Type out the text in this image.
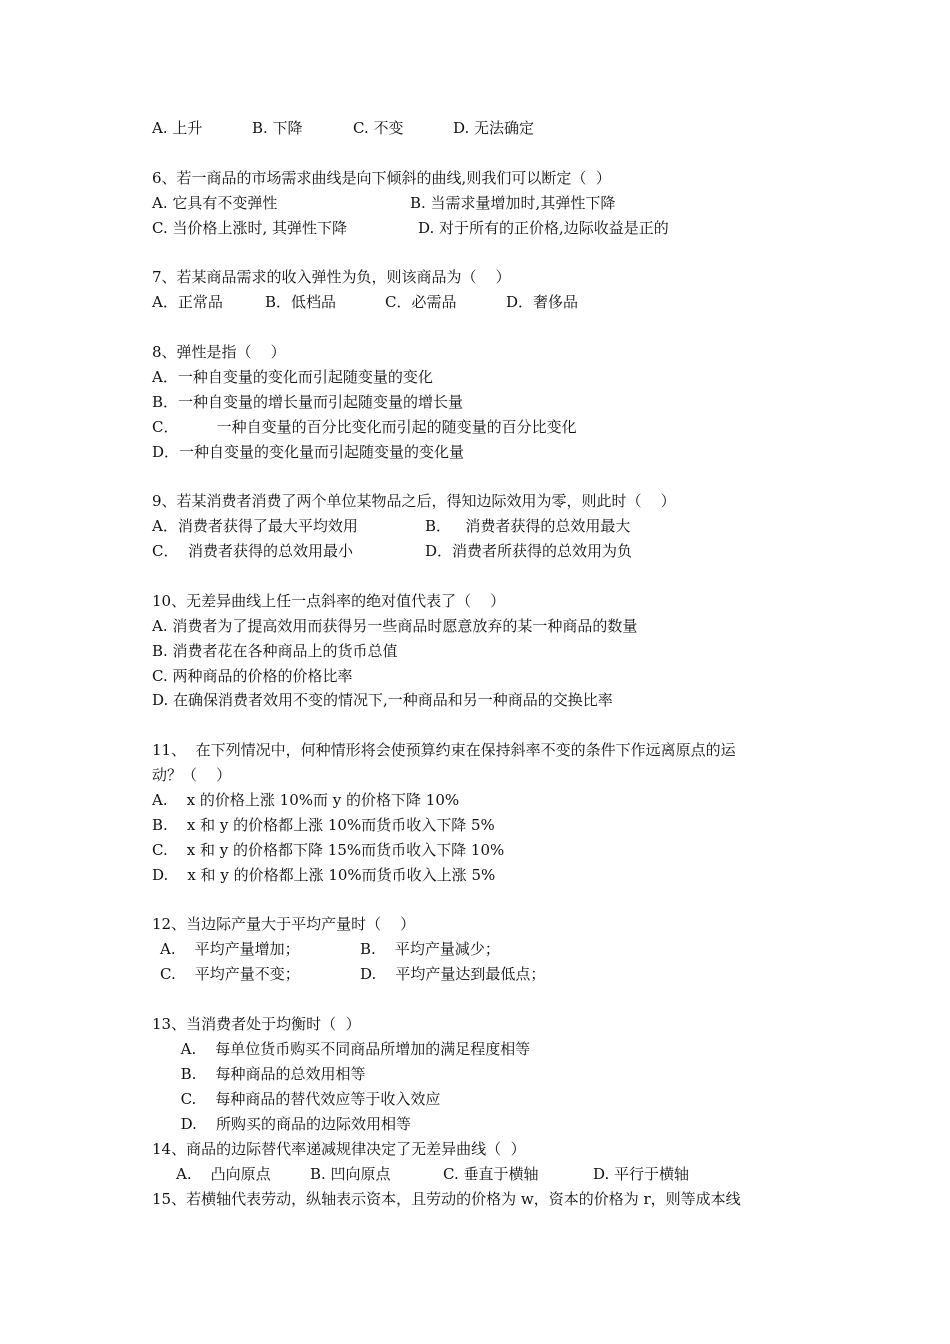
A. 上升	B. 下降	C. 不变	D. 无法确定
6、若一商品的市场需求曲线是向下倾斜的曲线,则我们可以断定（  ）
A. 它具有不变弹性	B. 当需求量增加时,其弹性下降
C. 当价格上涨时, 其弹性下降	D. 对于所有的正价格,边际收益是正的
7、若某商品需求的收入弹性为负，则该商品为（    ）
A．正常品	B．低档品	C．必需品	D．奢侈品
8、弹性是指（    ）
A．一种自变量的变化而引起随变量的变化
B．一种自变量的增长量而引起随变量的增长量
C．        一种自变量的百分比变化而引起的随变量的百分比变化
D．一种自变量的变化量而引起随变量的变化量
9、若某消费者消费了两个单位某物品之后，得知边际效用为零，则此时（    ）
A．消费者获得了最大平均效用	B．   消费者获得的总效用最大
C．  消费者获得的总效用最小	D．消费者所获得的总效用为负
10、无差异曲线上任一点斜率的绝对值代表了（    ）
A. 消费者为了提高效用而获得另一些商品时愿意放弃的某一种商品的数量
B. 消费者花在各种商品上的货币总值
C. 两种商品的价格的价格比率
D. 在确保消费者效用不变的情况下,一种商品和另一种商品的交换比率
11、  在下列情况中，何种情形将会使预算约束在保持斜率不变的条件下作远离原点的运
动？（    ）
A.    x 的价格上涨 10%而 y 的价格下降 10%
B.    x 和 y 的价格都上涨 10%而货币收入下降 5%
C.    x 和 y 的价格都下降 15%而货币收入下降 10%
D.    x 和 y 的价格都上涨 10%而货币收入上涨 5%
12、当边际产量大于平均产量时（    ）
A.    平均产量增加；	B.    平均产量减少；
C.    平均产量不变；	D.    平均产量达到最低点；
13、当消费者处于均衡时（  ）
A.    每单位货币购买不同商品所增加的满足程度相等
B.    每种商品的总效用相等
C.    每种商品的替代效应等于收入效应
D.    所购买的商品的边际效用相等
14、商品的边际替代率递减规律决定了无差异曲线（  ）
A.    凸向原点	B. 凹向原点	C. 垂直于横轴	D. 平行于横轴
15、若横轴代表劳动，纵轴表示资本，且劳动的价格为 w，资本的价格为 r，则等成本线
